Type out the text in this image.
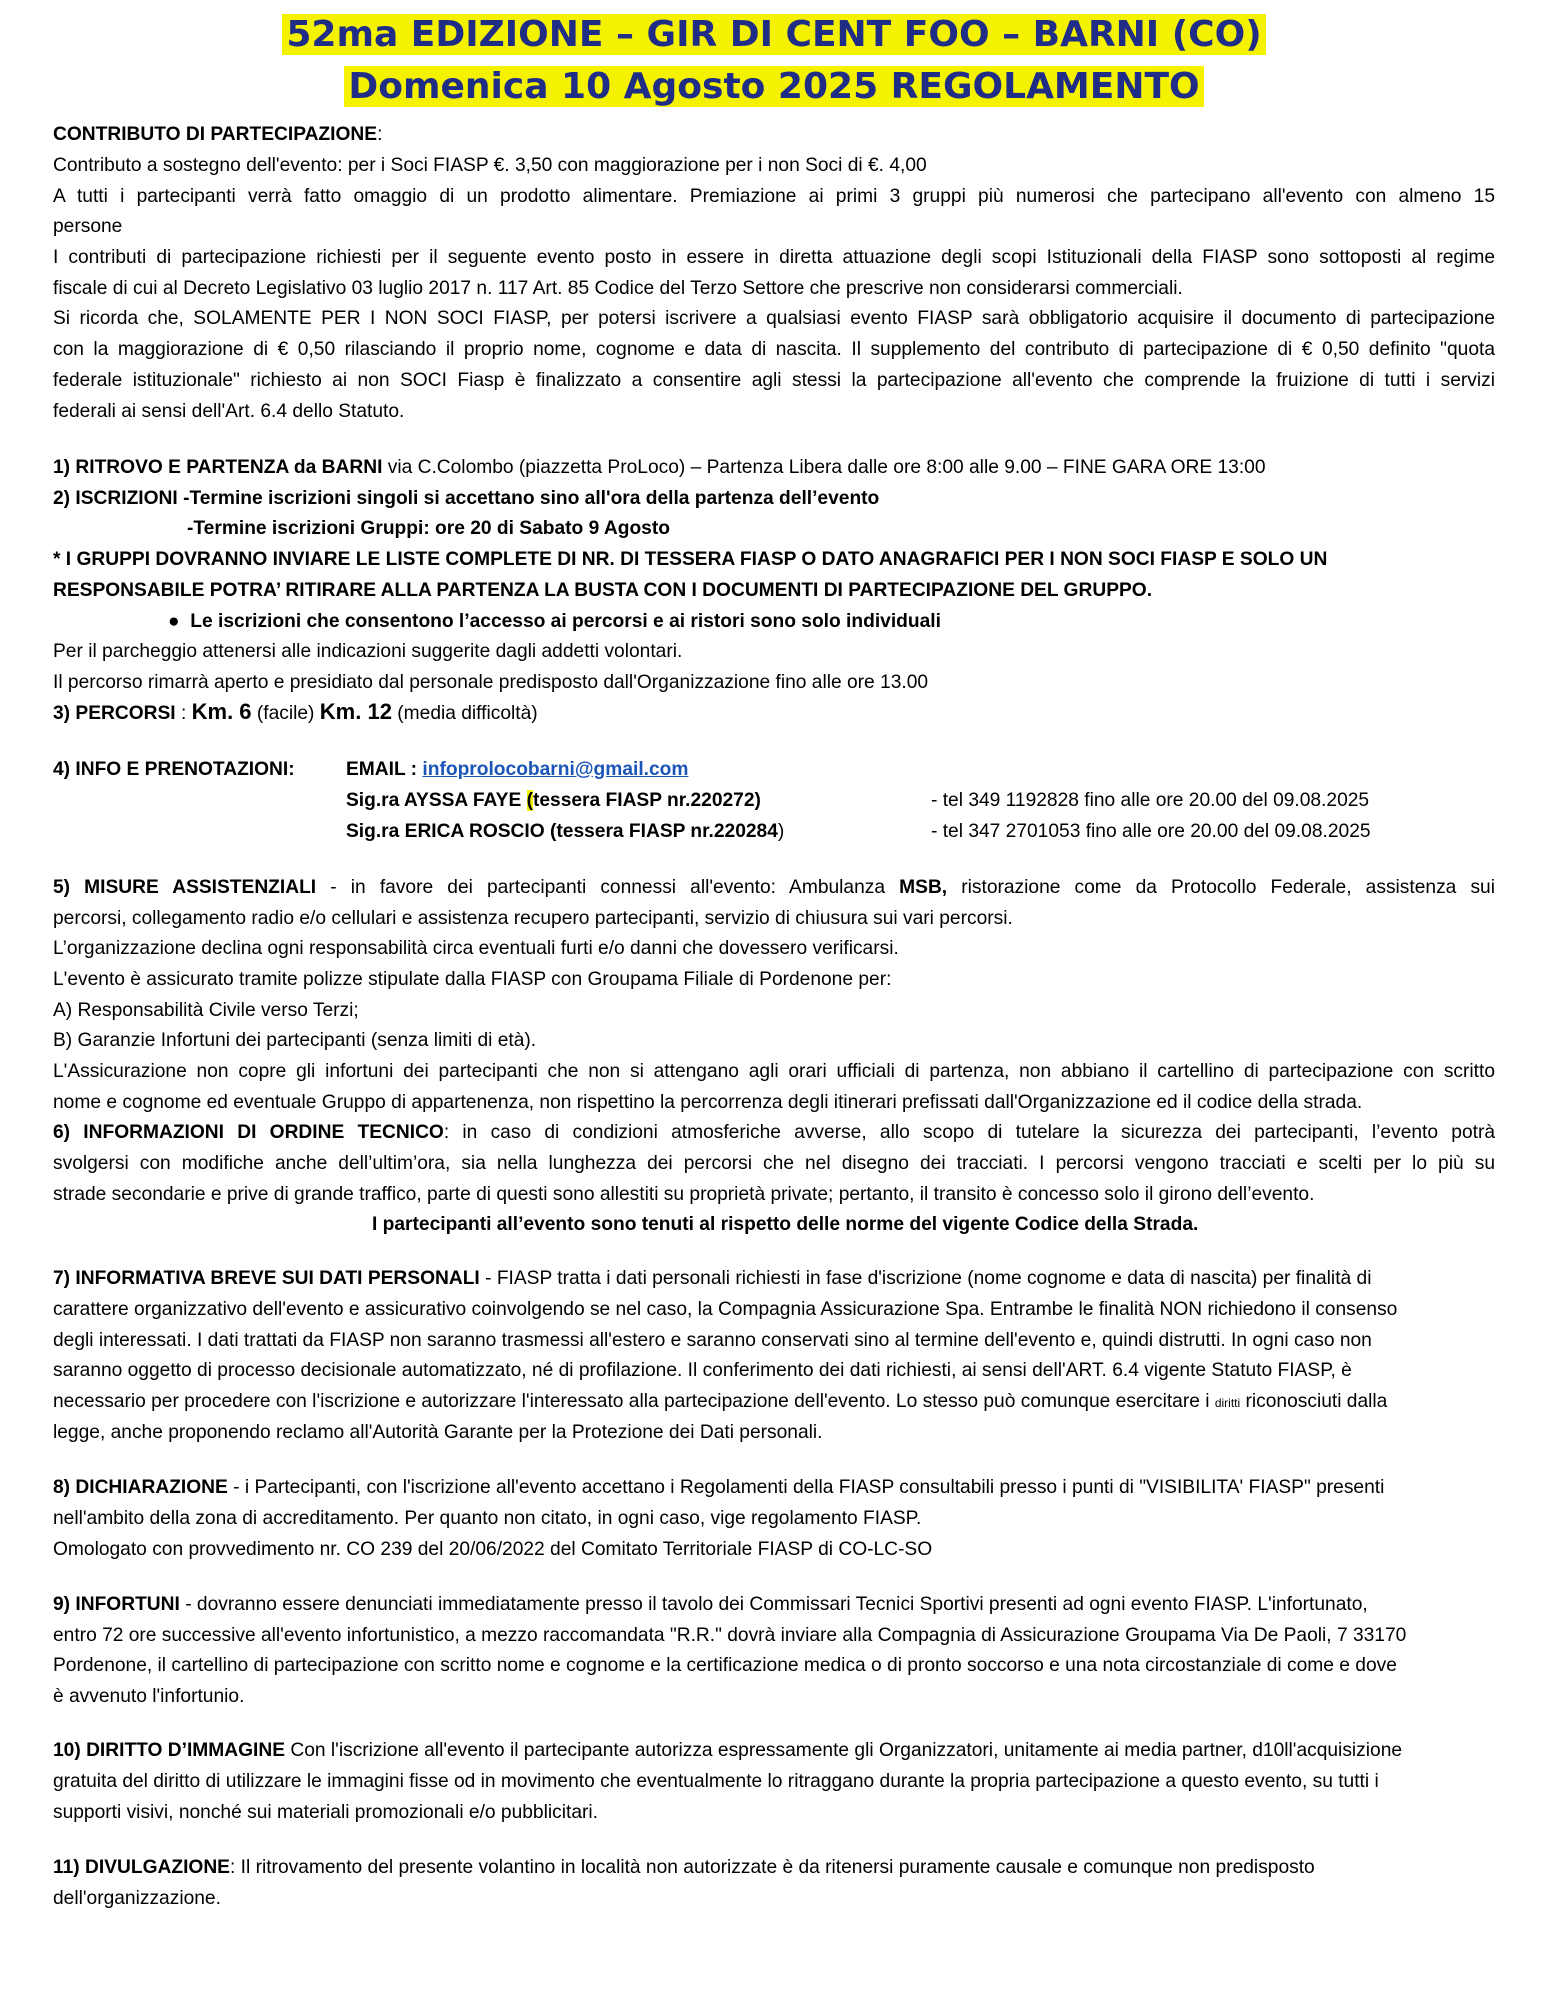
52ma EDIZIONE – GIR DI CENT FOO – BARNI (CO)
Domenica 10 Agosto 2025 REGOLAMENTO
CONTRIBUTO DI PARTECIPAZIONE:
Contributo a sostegno dell'evento: per i Soci FIASP €. 3,50 con maggiorazione per i non Soci di €. 4,00
A tutti i partecipanti verrà fatto omaggio di un prodotto alimentare. Premiazione ai primi 3 gruppi più numerosi che partecipano all'evento con almeno 15
persone
I contributi di partecipazione richiesti per il seguente evento posto in essere in diretta attuazione degli scopi Istituzionali della FIASP sono sottoposti al regime
fiscale di cui al Decreto Legislativo 03 luglio 2017 n. 117 Art. 85 Codice del Terzo Settore che prescrive non considerarsi commerciali.
Si ricorda che, SOLAMENTE PER I NON SOCI FIASP, per potersi iscrivere a qualsiasi evento FIASP sarà obbligatorio acquisire il documento di partecipazione
con la maggiorazione di € 0,50 rilasciando il proprio nome, cognome e data di nascita. Il supplemento del contributo di partecipazione di € 0,50 definito "quota
federale istituzionale" richiesto ai non SOCI Fiasp è finalizzato a consentire agli stessi la partecipazione all'evento che comprende la fruizione di tutti i servizi
federali ai sensi dell'Art. 6.4 dello Statuto.
1) RITROVO E PARTENZA da BARNI via C.Colombo (piazzetta ProLoco) – Partenza Libera dalle ore 8:00 alle 9.00 – FINE GARA ORE 13:00
2) ISCRIZIONI -Termine iscrizioni singoli si accettano sino all'ora della partenza dell’evento
-Termine iscrizioni Gruppi: ore 20 di Sabato 9 Agosto
* I GRUPPI DOVRANNO INVIARE LE LISTE COMPLETE DI NR. DI TESSERA FIASP O DATO ANAGRAFICI PER I NON SOCI FIASP E SOLO UN
RESPONSABILE POTRA’ RITIRARE ALLA PARTENZA LA BUSTA CON I DOCUMENTI DI PARTECIPAZIONE DEL GRUPPO.
● Le iscrizioni che consentono l’accesso ai percorsi e ai ristori sono solo individuali
Per il parcheggio attenersi alle indicazioni suggerite dagli addetti volontari.
Il percorso rimarrà aperto e presidiato dal personale predisposto dall'Organizzazione fino alle ore 13.00
3) PERCORSI : Km. 6 (facile) Km. 12 (media difficoltà)
4) INFO E PRENOTAZIONI:	EMAIL : infoprolocobarni@gmail.com
Sig.ra AYSSA FAYE (tessera FIASP nr.220272)	- tel 349 1192828 fino alle ore 20.00 del 09.08.2025
Sig.ra ERICA ROSCIO (tessera FIASP nr.220284)	- tel 347 2701053 fino alle ore 20.00 del 09.08.2025
5) MISURE ASSISTENZIALI - in favore dei partecipanti connessi all'evento: Ambulanza MSB, ristorazione come da Protocollo Federale, assistenza sui
percorsi, collegamento radio e/o cellulari e assistenza recupero partecipanti, servizio di chiusura sui vari percorsi.
L’organizzazione declina ogni responsabilità circa eventuali furti e/o danni che dovessero verificarsi.
L'evento è assicurato tramite polizze stipulate dalla FIASP con Groupama Filiale di Pordenone per:
A) Responsabilità Civile verso Terzi;
B) Garanzie Infortuni dei partecipanti (senza limiti di età).
L'Assicurazione non copre gli infortuni dei partecipanti che non si attengano agli orari ufficiali di partenza, non abbiano il cartellino di partecipazione con scritto
nome e cognome ed eventuale Gruppo di appartenenza, non rispettino la percorrenza degli itinerari prefissati dall'Organizzazione ed il codice della strada.
6) INFORMAZIONI DI ORDINE TECNICO: in caso di condizioni atmosferiche avverse, allo scopo di tutelare la sicurezza dei partecipanti, l’evento potrà
svolgersi con modifiche anche dell’ultim’ora, sia nella lunghezza dei percorsi che nel disegno dei tracciati. I percorsi vengono tracciati e scelti per lo più su
strade secondarie e prive di grande traffico, parte di questi sono allestiti su proprietà private; pertanto, il transito è concesso solo il girono dell’evento.
I partecipanti all’evento sono tenuti al rispetto delle norme del vigente Codice della Strada.
7) INFORMATIVA BREVE SUI DATI PERSONALI - FIASP tratta i dati personali richiesti in fase d'iscrizione (nome cognome e data di nascita) per finalità di
carattere organizzativo dell'evento e assicurativo coinvolgendo se nel caso, la Compagnia Assicurazione Spa. Entrambe le finalità NON richiedono il consenso
degli interessati. I dati trattati da FIASP non saranno trasmessi all'estero e saranno conservati sino al termine dell'evento e, quindi distrutti. In ogni caso non
saranno oggetto di processo decisionale automatizzato, né di profilazione. Il conferimento dei dati richiesti, ai sensi dell'ART. 6.4 vigente Statuto FIASP, è
necessario per procedere con l'iscrizione e autorizzare l'interessato alla partecipazione dell'evento. Lo stesso può comunque esercitare i diritti riconosciuti dalla
legge, anche proponendo reclamo all'Autorità Garante per la Protezione dei Dati personali.
8) DICHIARAZIONE - i Partecipanti, con l'iscrizione all'evento accettano i Regolamenti della FIASP consultabili presso i punti di "VISIBILITA' FIASP" presenti
nell'ambito della zona di accreditamento. Per quanto non citato, in ogni caso, vige regolamento FIASP.
Omologato con provvedimento nr. CO 239 del 20/06/2022 del Comitato Territoriale FIASP di CO-LC-SO
9) INFORTUNI - dovranno essere denunciati immediatamente presso il tavolo dei Commissari Tecnici Sportivi presenti ad ogni evento FIASP. L'infortunato,
entro 72 ore successive all'evento infortunistico, a mezzo raccomandata "R.R." dovrà inviare alla Compagnia di Assicurazione Groupama Via De Paoli, 7 33170
Pordenone, il cartellino di partecipazione con scritto nome e cognome e la certificazione medica o di pronto soccorso e una nota circostanziale di come e dove
è avvenuto l'infortunio.
10) DIRITTO D’IMMAGINE Con l'iscrizione all'evento il partecipante autorizza espressamente gli Organizzatori, unitamente ai media partner, d10ll'acquisizione
gratuita del diritto di utilizzare le immagini fisse od in movimento che eventualmente lo ritraggano durante la propria partecipazione a questo evento, su tutti i
supporti visivi, nonché sui materiali promozionali e/o pubblicitari.
11) DIVULGAZIONE: Il ritrovamento del presente volantino in località non autorizzate è da ritenersi puramente causale e comunque non predisposto
dell'organizzazione.
